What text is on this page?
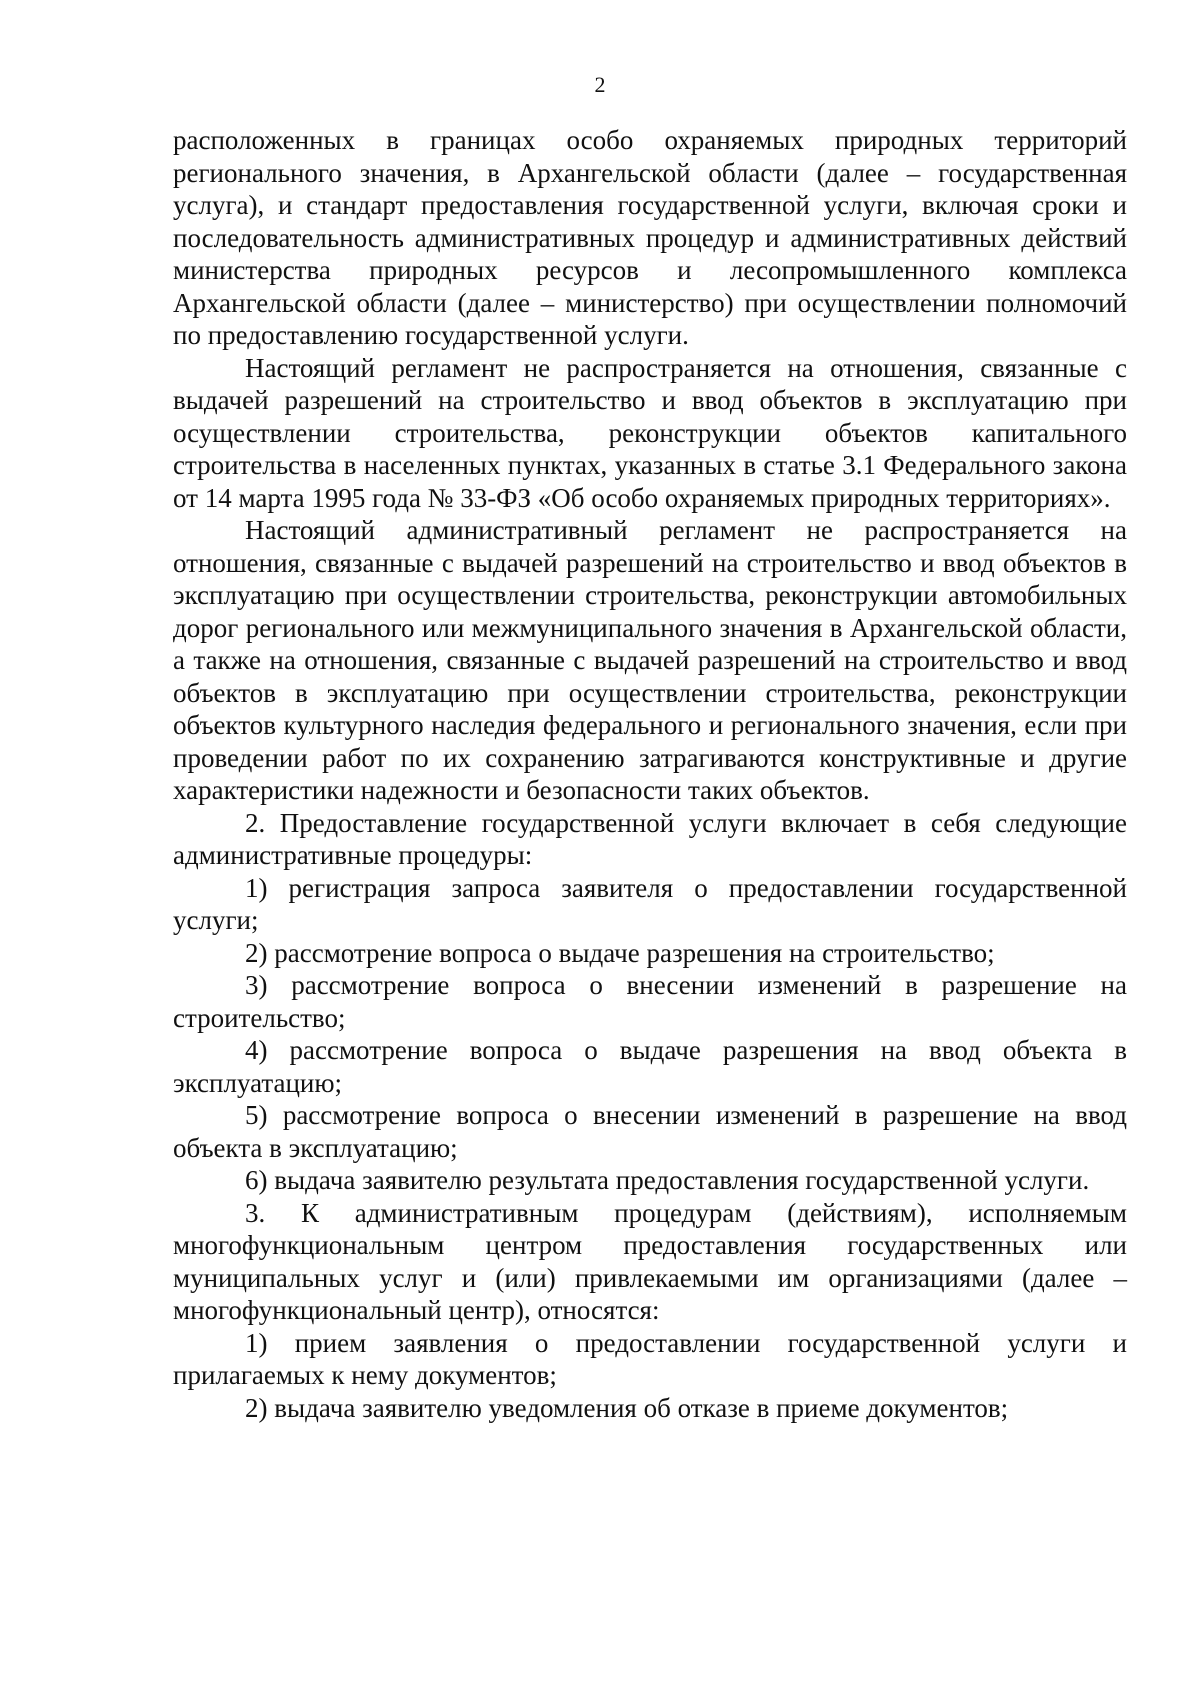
2

расположенных в границах особо охраняемых природных территорий регионального значения, в Архангельской области (далее – государственная услуга), и стандарт предоставления государственной услуги, включая сроки и последовательность административных процедур и административных действий министерства природных ресурсов и лесопромышленного комплекса Архангельской области (далее – министерство) при осуществлении полномочий по предоставлению государственной услуги.

Настоящий регламент не распространяется на отношения, связанные с выдачей разрешений на строительство и ввод объектов в эксплуатацию при осуществлении строительства, реконструкции объектов капитального строительства в населенных пунктах, указанных в статье 3.1 Федерального закона от 14 марта 1995 года № 33-ФЗ «Об особо охраняемых природных территориях».

Настоящий административный регламент не распространяется на отношения, связанные с выдачей разрешений на строительство и ввод объектов в эксплуатацию при осуществлении строительства, реконструкции автомобильных дорог регионального или межмуниципального значения в Архангельской области, а также на отношения, связанные с выдачей разрешений на строительство и ввод объектов в эксплуатацию при осуществлении строительства, реконструкции объектов культурного наследия федерального и регионального значения, если при проведении работ по их сохранению затрагиваются конструктивные и другие характеристики надежности и безопасности таких объектов.

2. Предоставление государственной услуги включает в себя следующие административные процедуры:

1) регистрация запроса заявителя о предоставлении государственной услуги;

2) рассмотрение вопроса о выдаче разрешения на строительство;

3) рассмотрение вопроса о внесении изменений в разрешение на строительство;

4) рассмотрение вопроса о выдаче разрешения на ввод объекта в эксплуатацию;

5) рассмотрение вопроса о внесении изменений в разрешение на ввод объекта в эксплуатацию;

6) выдача заявителю результата предоставления государственной услуги.

3. К административным процедурам (действиям), исполняемым многофункциональным центром предоставления государственных или муниципальных услуг и (или) привлекаемыми им организациями (далее – многофункциональный центр), относятся:

1) прием заявления о предоставлении государственной услуги и прилагаемых к нему документов;

2) выдача заявителю уведомления об отказе в приеме документов;
